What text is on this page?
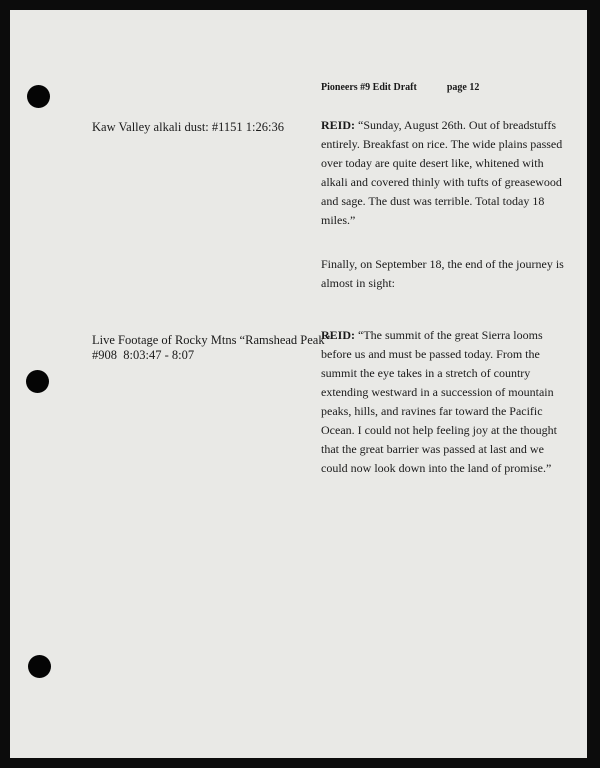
Pioneers #9 Edit Draft	page 12
Kaw Valley alkali dust: #1151 1:26:36	REID: “Sunday, August 26th. Out of breadstuffs entirely. Breakfast on rice. The wide plains passed over today are quite desert like, whitened with alkali and covered thinly with tufts of greasewood and sage. The dust was terrible. Total today 18 miles.”
Finally, on September 18, the end of the journey is almost in sight:
Live Footage of Rocky Mtns “Ramshead Peak”
#908  8:03:47 - 8:07
REID: “The summit of the great Sierra looms before us and must be passed today. From the summit the eye takes in a stretch of country extending westward in a succession of mountain peaks, hills, and ravines far toward the Pacific Ocean. I could not help feeling joy at the thought that the great barrier was passed at last and we could now look down into the land of promise.”
